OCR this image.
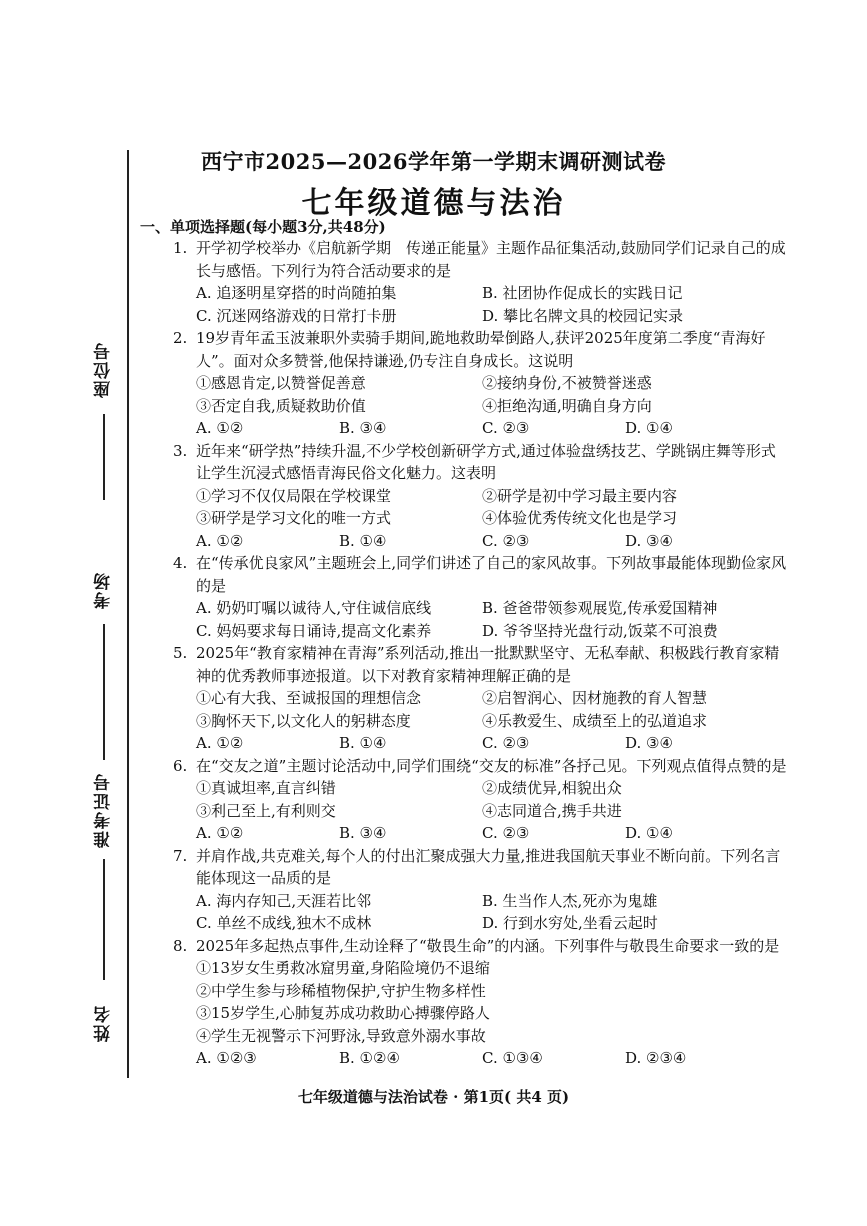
座位号
考场
准考证号
姓名
西宁市2025—2026学年第一学期末调研测试卷
七年级道德与法治
一、单项选择题(每小题3分,共48分)
1. 开学初学校举办《启航新学期　传递正能量》主题作品征集活动,鼓励同学们记录自己的成长与感悟。下列行为符合活动要求的是
A. 追逐明星穿搭的时尚随拍集	B. 社团协作促成长的实践日记
C. 沉迷网络游戏的日常打卡册	D. 攀比名牌文具的校园记实录
2. 19岁青年孟玉波兼职外卖骑手期间,跪地救助晕倒路人,获评2025年度第二季度“青海好人”。面对众多赞誉,他保持谦逊,仍专注自身成长。这说明
①感恩肯定,以赞誉促善意	②接纳身份,不被赞誉迷惑
③否定自我,质疑救助价值	④拒绝沟通,明确自身方向
A. ①②	B. ③④	C. ②③	D. ①④
3. 近年来“研学热”持续升温,不少学校创新研学方式,通过体验盘绣技艺、学跳锅庄舞等形式让学生沉浸式感悟青海民俗文化魅力。这表明
①学习不仅仅局限在学校课堂	②研学是初中学习最主要内容
③研学是学习文化的唯一方式	④体验优秀传统文化也是学习
A. ①②	B. ①④	C. ②③	D. ③④
4. 在“传承优良家风”主题班会上,同学们讲述了自己的家风故事。下列故事最能体现勤俭家风的是
A. 奶奶叮嘱以诚待人,守住诚信底线	B. 爸爸带领参观展览,传承爱国精神
C. 妈妈要求每日诵诗,提高文化素养	D. 爷爷坚持光盘行动,饭菜不可浪费
5. 2025年“教育家精神在青海”系列活动,推出一批默默坚守、无私奉献、积极践行教育家精神的优秀教师事迹报道。以下对教育家精神理解正确的是
①心有大我、至诚报国的理想信念	②启智润心、因材施教的育人智慧
③胸怀天下,以文化人的躬耕态度	④乐教爱生、成绩至上的弘道追求
A. ①②	B. ①④	C. ②③	D. ③④
6. 在“交友之道”主题讨论活动中,同学们围绕“交友的标准”各抒己见。下列观点值得点赞的是
①真诚坦率,直言纠错	②成绩优异,相貌出众
③利己至上,有利则交	④志同道合,携手共进
A. ①②	B. ③④	C. ②③	D. ①④
7. 并肩作战,共克难关,每个人的付出汇聚成强大力量,推进我国航天事业不断向前。下列名言能体现这一品质的是
A. 海内存知己,天涯若比邻	B. 生当作人杰,死亦为鬼雄
C. 单丝不成线,独木不成林	D. 行到水穷处,坐看云起时
8. 2025年多起热点事件,生动诠释了“敬畏生命”的内涵。下列事件与敬畏生命要求一致的是
①13岁女生勇救冰窟男童,身陷险境仍不退缩
②中学生参与珍稀植物保护,守护生物多样性
③15岁学生,心肺复苏成功救助心搏骤停路人
④学生无视警示下河野泳,导致意外溺水事故
A. ①②③	B. ①②④	C. ①③④	D. ②③④
七年级道德与法治试卷 · 第1页( 共4 页)
